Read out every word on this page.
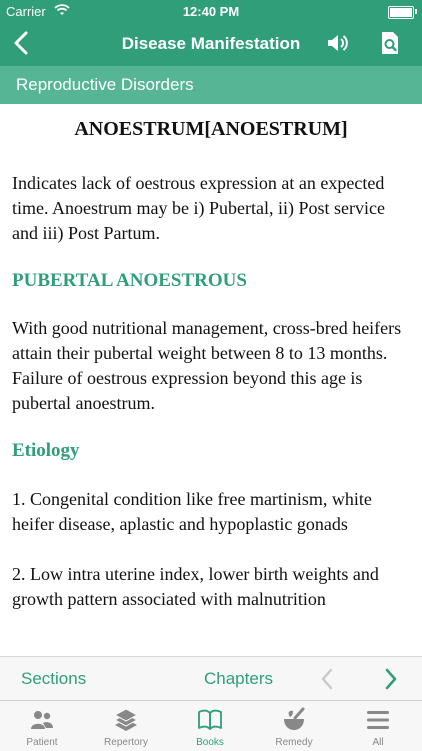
Carrier	12:40 PM
Disease Manifestation
Reproductive Disorders
ANOESTRUM[ANOESTRUM]

Indicates lack of oestrous expression at an expected time. Anoestrum may be i) Pubertal, ii) Post service and iii) Post Partum.

PUBERTAL ANOESTROUS

With good nutritional management, cross-bred heifers attain their pubertal weight between 8 to 13 months. Failure of oestrous expression beyond this age is pubertal anoestrum.

Etiology

1. Congenital condition like free martinism, white heifer disease, aplastic and hypoplastic gonads

2. Low intra uterine index, lower birth weights and growth pattern associated with malnutrition

Sections	Chapters
Patient	Repertory	Books	Remedy	All
